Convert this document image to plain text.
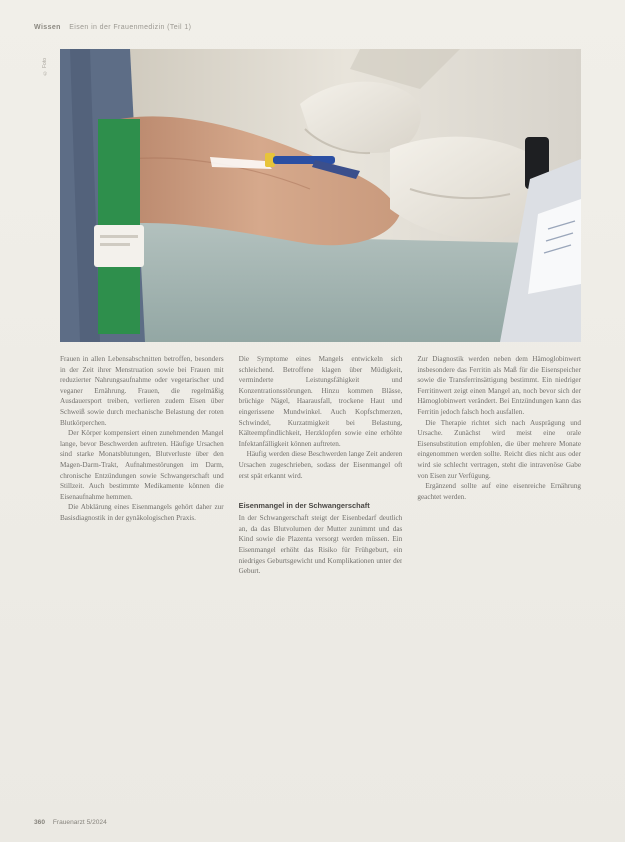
Wissen Eisen in der Frauenmedizin (Teil 1)
© Foto

Frauen in allen Lebensabschnitten betroffen, besonders in der Zeit ihrer Menstruation sowie bei Frauen mit reduzierter Nahrungsaufnahme oder vegetarischer und veganer Ernährung. Frauen, die regelmäßig Ausdauersport treiben, verlieren zudem Eisen über Schweiß sowie durch mechanische Belastung der roten Blutkörperchen.

Der Körper kompensiert einen zunehmenden Mangel lange, bevor Beschwerden auftreten. Häufige Ursachen sind starke Monatsblutungen, Blutverluste über den Magen-Darm-Trakt, Aufnahmestörungen im Darm, chronische Entzündungen sowie Schwangerschaft und Stillzeit. Auch bestimmte Medikamente können die Eisenaufnahme hemmen.

Die Abklärung eines Eisenmangels gehört daher zur Basisdiagnostik in der gynäkologischen Praxis.

Die Symptome eines Mangels entwickeln sich schleichend. Betroffene klagen über Müdigkeit, verminderte Leistungsfähigkeit und Konzentrationsstörungen. Hinzu kommen Blässe, brüchige Nägel, Haarausfall, trockene Haut und eingerissene Mundwinkel. Auch Kopfschmerzen, Schwindel, Kurzatmigkeit bei Belastung, Kälteempfindlichkeit, Herzklopfen sowie eine erhöhte Infektanfälligkeit können auftreten.

Häufig werden diese Beschwerden lange Zeit anderen Ursachen zugeschrieben, sodass der Eisenmangel oft erst spät erkannt wird.

Eisenmangel in der Schwangerschaft

In der Schwangerschaft steigt der Eisenbedarf deutlich an, da das Blutvolumen der Mutter zunimmt und das Kind sowie die Plazenta versorgt werden müssen. Ein Eisenmangel erhöht das Risiko für Frühgeburt, ein niedriges Geburtsgewicht und Komplikationen unter der Geburt.

Zur Diagnostik werden neben dem Hämoglobinwert insbesondere das Ferritin als Maß für die Eisenspeicher sowie die Transferrinsättigung bestimmt. Ein niedriger Ferritinwert zeigt einen Mangel an, noch bevor sich der Hämoglobinwert verändert. Bei Entzündungen kann das Ferritin jedoch falsch hoch ausfallen.

Die Therapie richtet sich nach Ausprägung und Ursache. Zunächst wird meist eine orale Eisensubstitution empfohlen, die über mehrere Monate eingenommen werden sollte. Reicht dies nicht aus oder wird sie schlecht vertragen, steht die intravenöse Gabe von Eisen zur Verfügung.

Ergänzend sollte auf eine eisenreiche Ernährung geachtet werden.

360 Frauenarzt 5/2024
